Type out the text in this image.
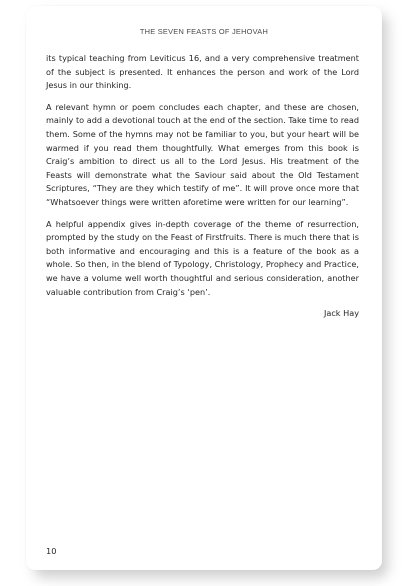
THE SEVEN FEASTS OF JEHOVAH

its typical teaching from Leviticus 16, and a very comprehensive treatment of the subject is presented. It enhances the person and work of the Lord Jesus in our thinking.

A relevant hymn or poem concludes each chapter, and these are chosen, mainly to add a devotional touch at the end of the section. Take time to read them. Some of the hymns may not be familiar to you, but your heart will be warmed if you read them thoughtfully. What emerges from this book is Craig’s ambition to direct us all to the Lord Jesus. His treatment of the Feasts will demonstrate what the Saviour said about the Old Testament Scriptures, “They are they which testify of me”. It will prove once more that “Whatsoever things were written aforetime were written for our learning”.

A helpful appendix gives in-depth coverage of the theme of resurrection, prompted by the study on the Feast of Firstfruits. There is much there that is both informative and encouraging and this is a feature of the book as a whole. So then, in the blend of Typology, Christology, Prophecy and Practice, we have a volume well worth thoughtful and serious consideration, another valuable contribution from Craig’s ‘pen’.

Jack Hay
10
